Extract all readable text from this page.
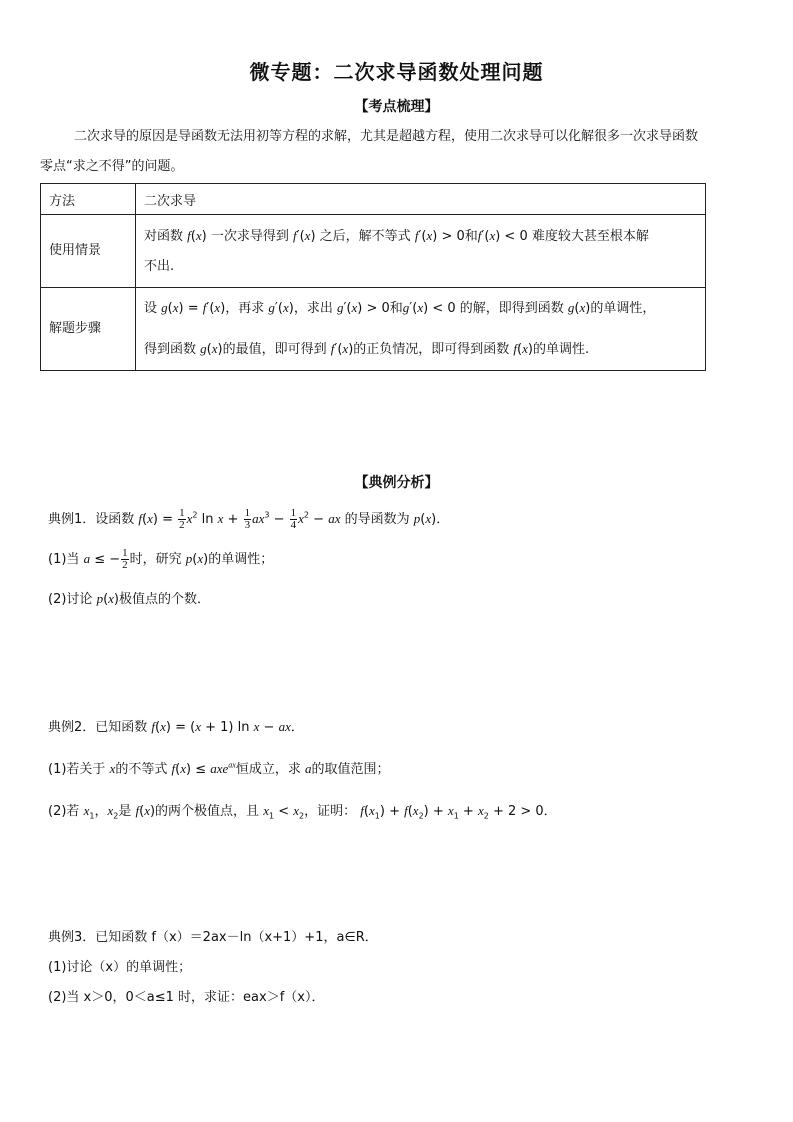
微专题：二次求导函数处理问题
【考点梳理】
二次求导的原因是导函数无法用初等方程的求解，尤其是超越方程，使用二次求导可以化解很多一次求导函数
零点“求之不得”的问题。
方法	二次求导
使用情景	对函数 f(x) 一次求导得到 f′(x) 之后，解不等式 f′(x) > 0和f′(x) < 0 难度较大甚至根本解
不出.
解题步骤	设 g(x) = f′(x)，再求 g′(x)，求出 g′(x) > 0和g′(x) < 0 的解，即得到函数 g(x)的单调性，
得到函数 g(x)的最值，即可得到 f′(x)的正负情况，即可得到函数 f(x)的单调性.
【典例分析】
典例1．设函数 $f(x) = \frac{1}{2} x^2$ $\ln x + \frac{1}{3} ax^3 - \frac{1}{4} x^2$ − ax 的导函数为 p(x)．
(1)当 a ≤ − $\frac{1}{2}$ 时，研究 p(x)的单调性；
(2)讨论 p(x)极值点的个数．
典例2．已知函数 f(x) = (x + 1) ln x − ax．
(1)若关于 x的不等式 f(x) ≤ axe$^{ax}$恒成立，求 a的取值范围；
(2)若 $x_1$，$x_2$是 f(x)的两个极值点，且 $x_1 < x_2$，证明： $f(x_1) + f(x_2) + x_1 + x_2 + 2 > 0$．
典例3．已知函数 f（x）＝2ax－ln（x+1）+1，a∈R．
(1)讨论（x）的单调性；
(2)当 x＞0，0＜a≤1 时，求证：eax＞f（x）．
